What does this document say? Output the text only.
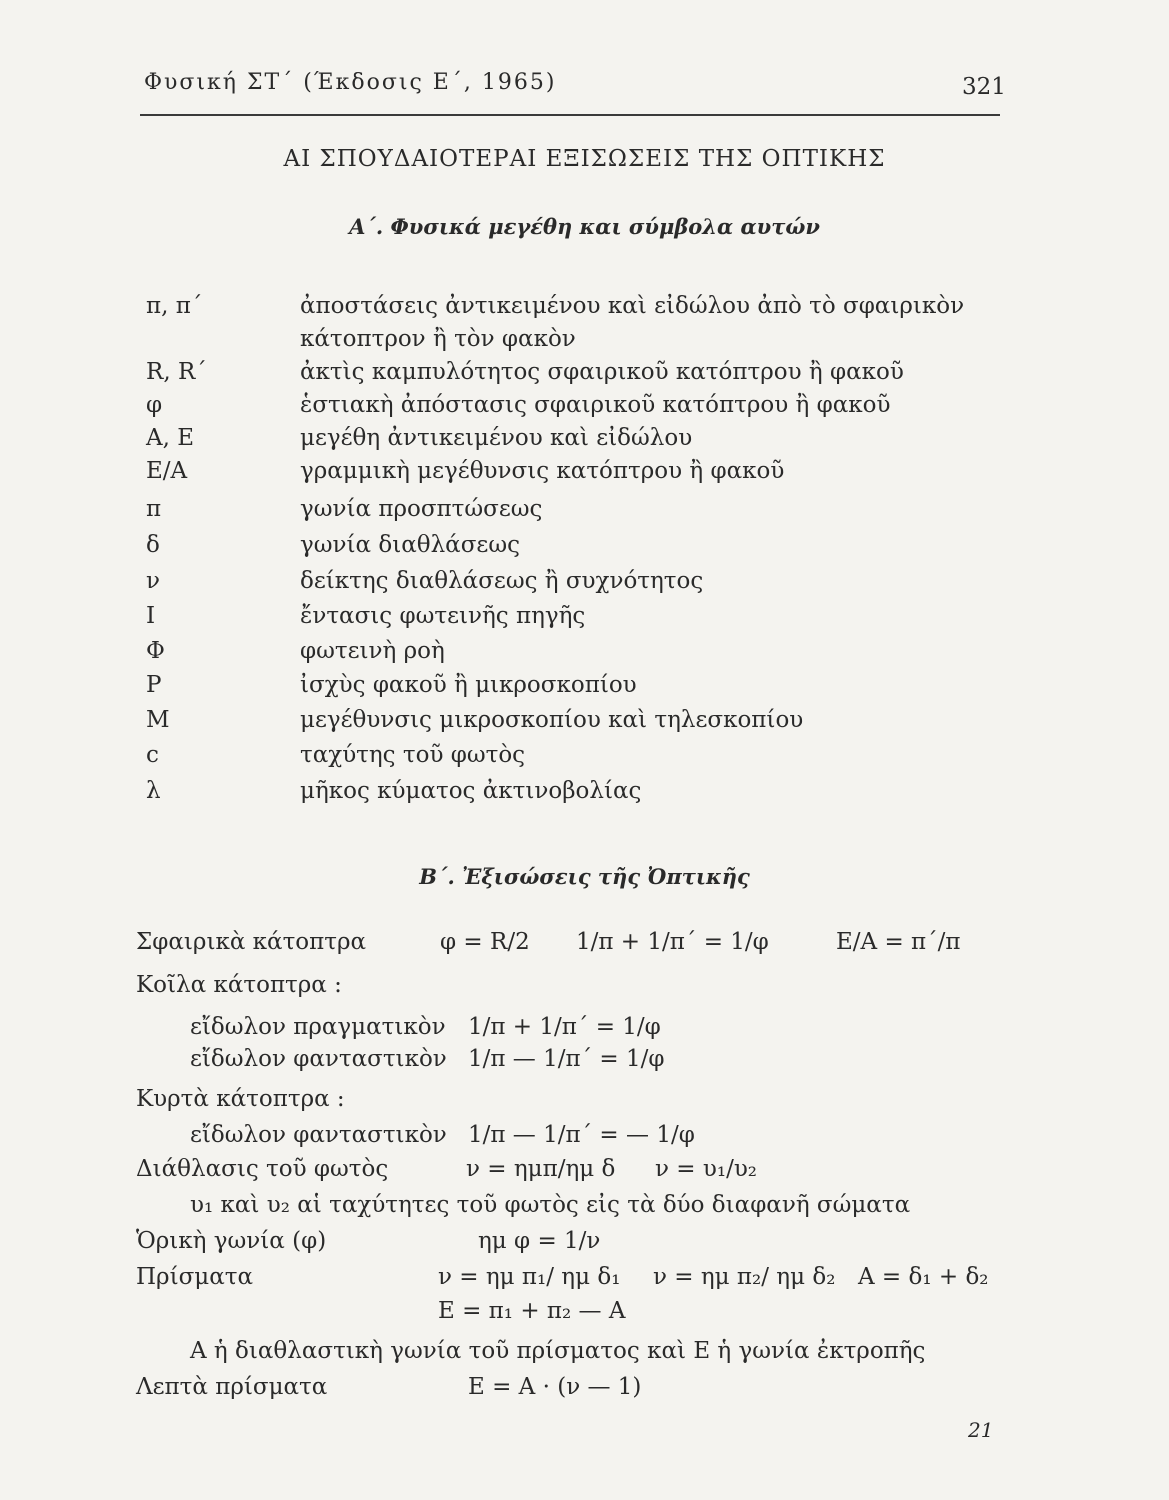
Φυσική ΣΤ΄ (Έκδοσις Ε΄, 1965)	321
ΑΙ ΣΠΟΥΔΑΙΟΤΕΡΑΙ ΕΞΙΣΩΣΕΙΣ ΤΗΣ ΟΠΤΙΚΗΣ
Α΄. Φυσικά μεγέθη και σύμβολα αυτών
π, π΄	ἀποστάσεις ἀντικειμένου καὶ εἰδώλου ἀπὸ τὸ σφαιρικὸν
κάτοπτρον ἢ τὸν φακὸν
R, R΄	ἀκτὶς καμπυλότητος σφαιρικοῦ κατόπτρου ἢ φακοῦ
φ	ἑστιακὴ ἀπόστασις σφαιρικοῦ κατόπτρου ἢ φακοῦ
Α, Ε	μεγέθη ἀντικειμένου καὶ εἰδώλου
Ε/Α	γραμμικὴ μεγέθυνσις κατόπτρου ἢ φακοῦ
π	γωνία προσπτώσεως
δ	γωνία διαθλάσεως
ν	δείκτης διαθλάσεως ἢ συχνότητος
Ι	ἔντασις φωτεινῆς πηγῆς
Φ	φωτεινὴ ροὴ
Ρ	ἰσχὺς φακοῦ ἢ μικροσκοπίου
Μ	μεγέθυνσις μικροσκοπίου καὶ τηλεσκοπίου
c	ταχύτης τοῦ φωτὸς
λ	μῆκος κύματος ἀκτινοβολίας
Β΄. Ἐξισώσεις τῆς Ὀπτικῆς
Σφαιρικὰ κάτοπτρα	φ = R/2 1/π + 1/π΄ = 1/φ	Ε/Α = π΄/π
Κοῖλα κάτοπτρα :
εἴδωλον πραγματικὸν 1/π + 1/π΄ = 1/φ
εἴδωλον φανταστικὸν 1/π — 1/π΄ = 1/φ
Κυρτὰ κάτοπτρα :
εἴδωλον φανταστικὸν 1/π — 1/π΄ = — 1/φ
Διάθλασις τοῦ φωτὸς	ν = ημπ/ημ δ ν = υ₁/υ₂
υ₁ καὶ υ₂ αἱ ταχύτητες τοῦ φωτὸς εἰς τὰ δύο διαφανῆ σώματα
Ὁρικὴ γωνία (φ)	ημ φ = 1/ν
Πρίσματα	ν = ημ π₁/ ημ δ₁ ν = ημ π₂/ ημ δ₂ Α = δ₁ + δ₂
Ε = π₁ + π₂ — Α
Α ἡ διαθλαστικὴ γωνία τοῦ πρίσματος καὶ Ε ἡ γωνία ἐκτροπῆς
Λεπτὰ πρίσματα	Ε = Α · (ν — 1)
21
